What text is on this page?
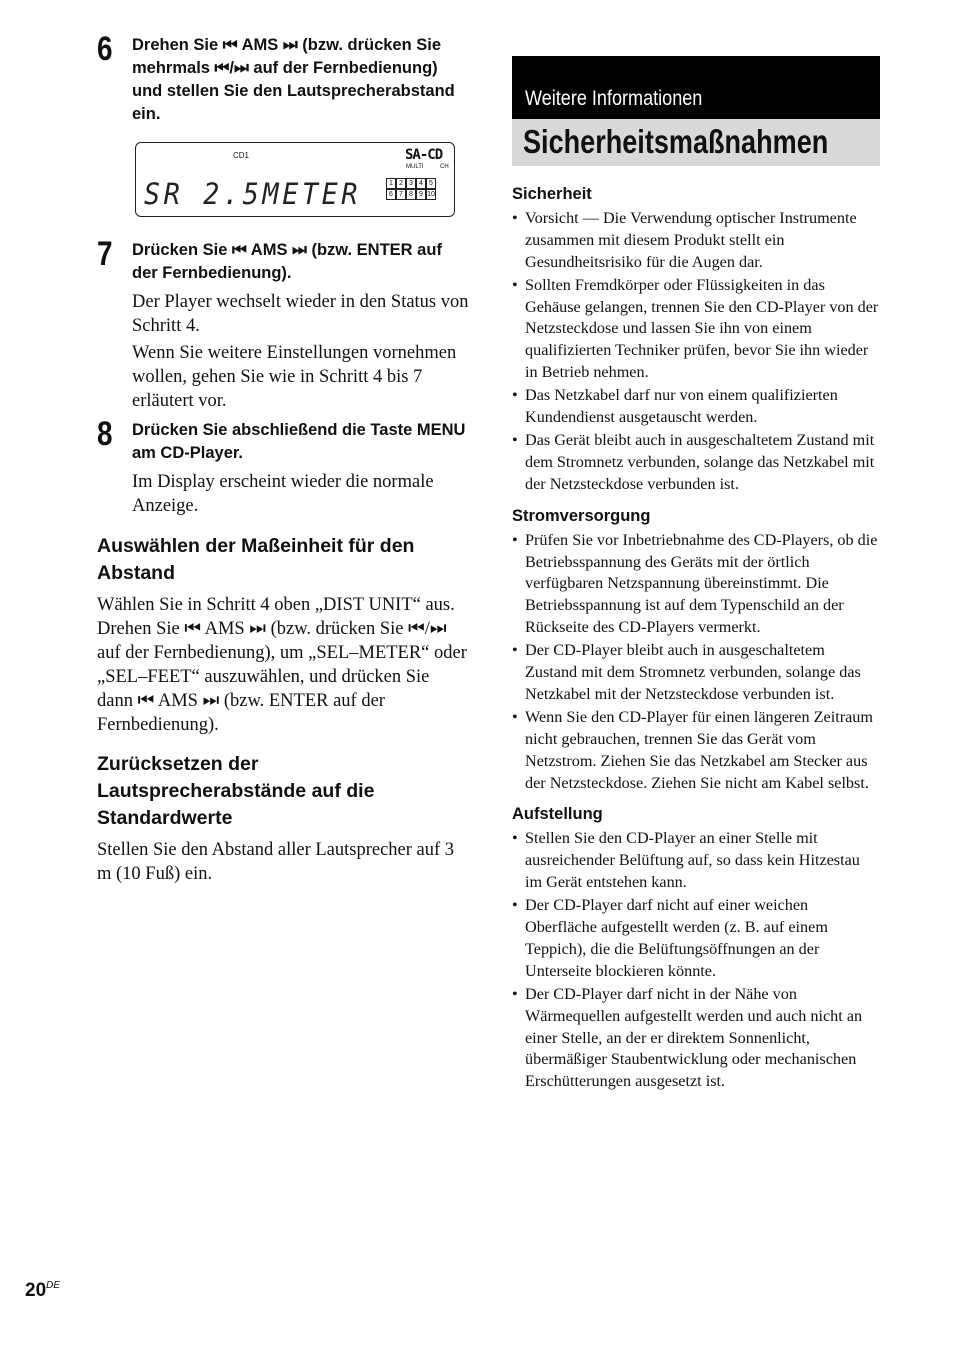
6 Drehen Sie ⏮ AMS ⏭ (bzw. drücken Sie mehrmals ⏮/⏭ auf der Fernbedienung) und stellen Sie den Lautsprecherabstand ein.
CD1	SA-CD
MULTI	CH
SR 2.5METER	1 2 3 4 5
6 7 8 9 10
7 Drücken Sie ⏮ AMS ⏭ (bzw. ENTER auf der Fernbedienung).

Der Player wechselt wieder in den Status von Schritt 4.

Wenn Sie weitere Einstellungen vornehmen wollen, gehen Sie wie in Schritt 4 bis 7 erläutert vor.

8 Drücken Sie abschließend die Taste MENU am CD-Player.

Im Display erscheint wieder die normale Anzeige.

Auswählen der Maßeinheit für den Abstand

Wählen Sie in Schritt 4 oben „DIST UNIT“ aus. Drehen Sie ⏮ AMS ⏭ (bzw. drücken Sie ⏮/⏭ auf der Fernbedienung), um „SEL–METER“ oder „SEL–FEET“ auszuwählen, und drücken Sie dann ⏮ AMS ⏭ (bzw. ENTER auf der Fernbedienung).

Zurücksetzen der Lautsprecherabstände auf die Standardwerte

Stellen Sie den Abstand aller Lautsprecher auf 3 m (10 Fuß) ein.

Weitere Informationen
Sicherheitsmaßnahmen
Sicherheit
• Vorsicht — Die Verwendung optischer Instrumente zusammen mit diesem Produkt stellt ein Gesundheitsrisiko für die Augen dar.
• Sollten Fremdkörper oder Flüssigkeiten in das Gehäuse gelangen, trennen Sie den CD-Player von der Netzsteckdose und lassen Sie ihn von einem qualifizierten Techniker prüfen, bevor Sie ihn wieder in Betrieb nehmen.
• Das Netzkabel darf nur von einem qualifizierten Kundendienst ausgetauscht werden.
• Das Gerät bleibt auch in ausgeschaltetem Zustand mit dem Stromnetz verbunden, solange das Netzkabel mit der Netzsteckdose verbunden ist.
Stromversorgung
• Prüfen Sie vor Inbetriebnahme des CD-Players, ob die Betriebsspannung des Geräts mit der örtlich verfügbaren Netzspannung übereinstimmt. Die Betriebsspannung ist auf dem Typenschild an der Rückseite des CD-Players vermerkt.
• Der CD-Player bleibt auch in ausgeschaltetem Zustand mit dem Stromnetz verbunden, solange das Netzkabel mit der Netzsteckdose verbunden ist.
• Wenn Sie den CD-Player für einen längeren Zeitraum nicht gebrauchen, trennen Sie das Gerät vom Netzstrom. Ziehen Sie das Netzkabel am Stecker aus der Netzsteckdose. Ziehen Sie nicht am Kabel selbst.
Aufstellung
• Stellen Sie den CD-Player an einer Stelle mit ausreichender Belüftung auf, so dass kein Hitzestau im Gerät entstehen kann.
• Der CD-Player darf nicht auf einer weichen Oberfläche aufgestellt werden (z. B. auf einem Teppich), die die Belüftungsöffnungen an der Unterseite blockieren könnte.
• Der CD-Player darf nicht in der Nähe von Wärmequellen aufgestellt werden und auch nicht an einer Stelle, an der er direktem Sonnenlicht, übermäßiger Staubentwicklung oder mechanischen Erschütterungen ausgesetzt ist.
20DE
